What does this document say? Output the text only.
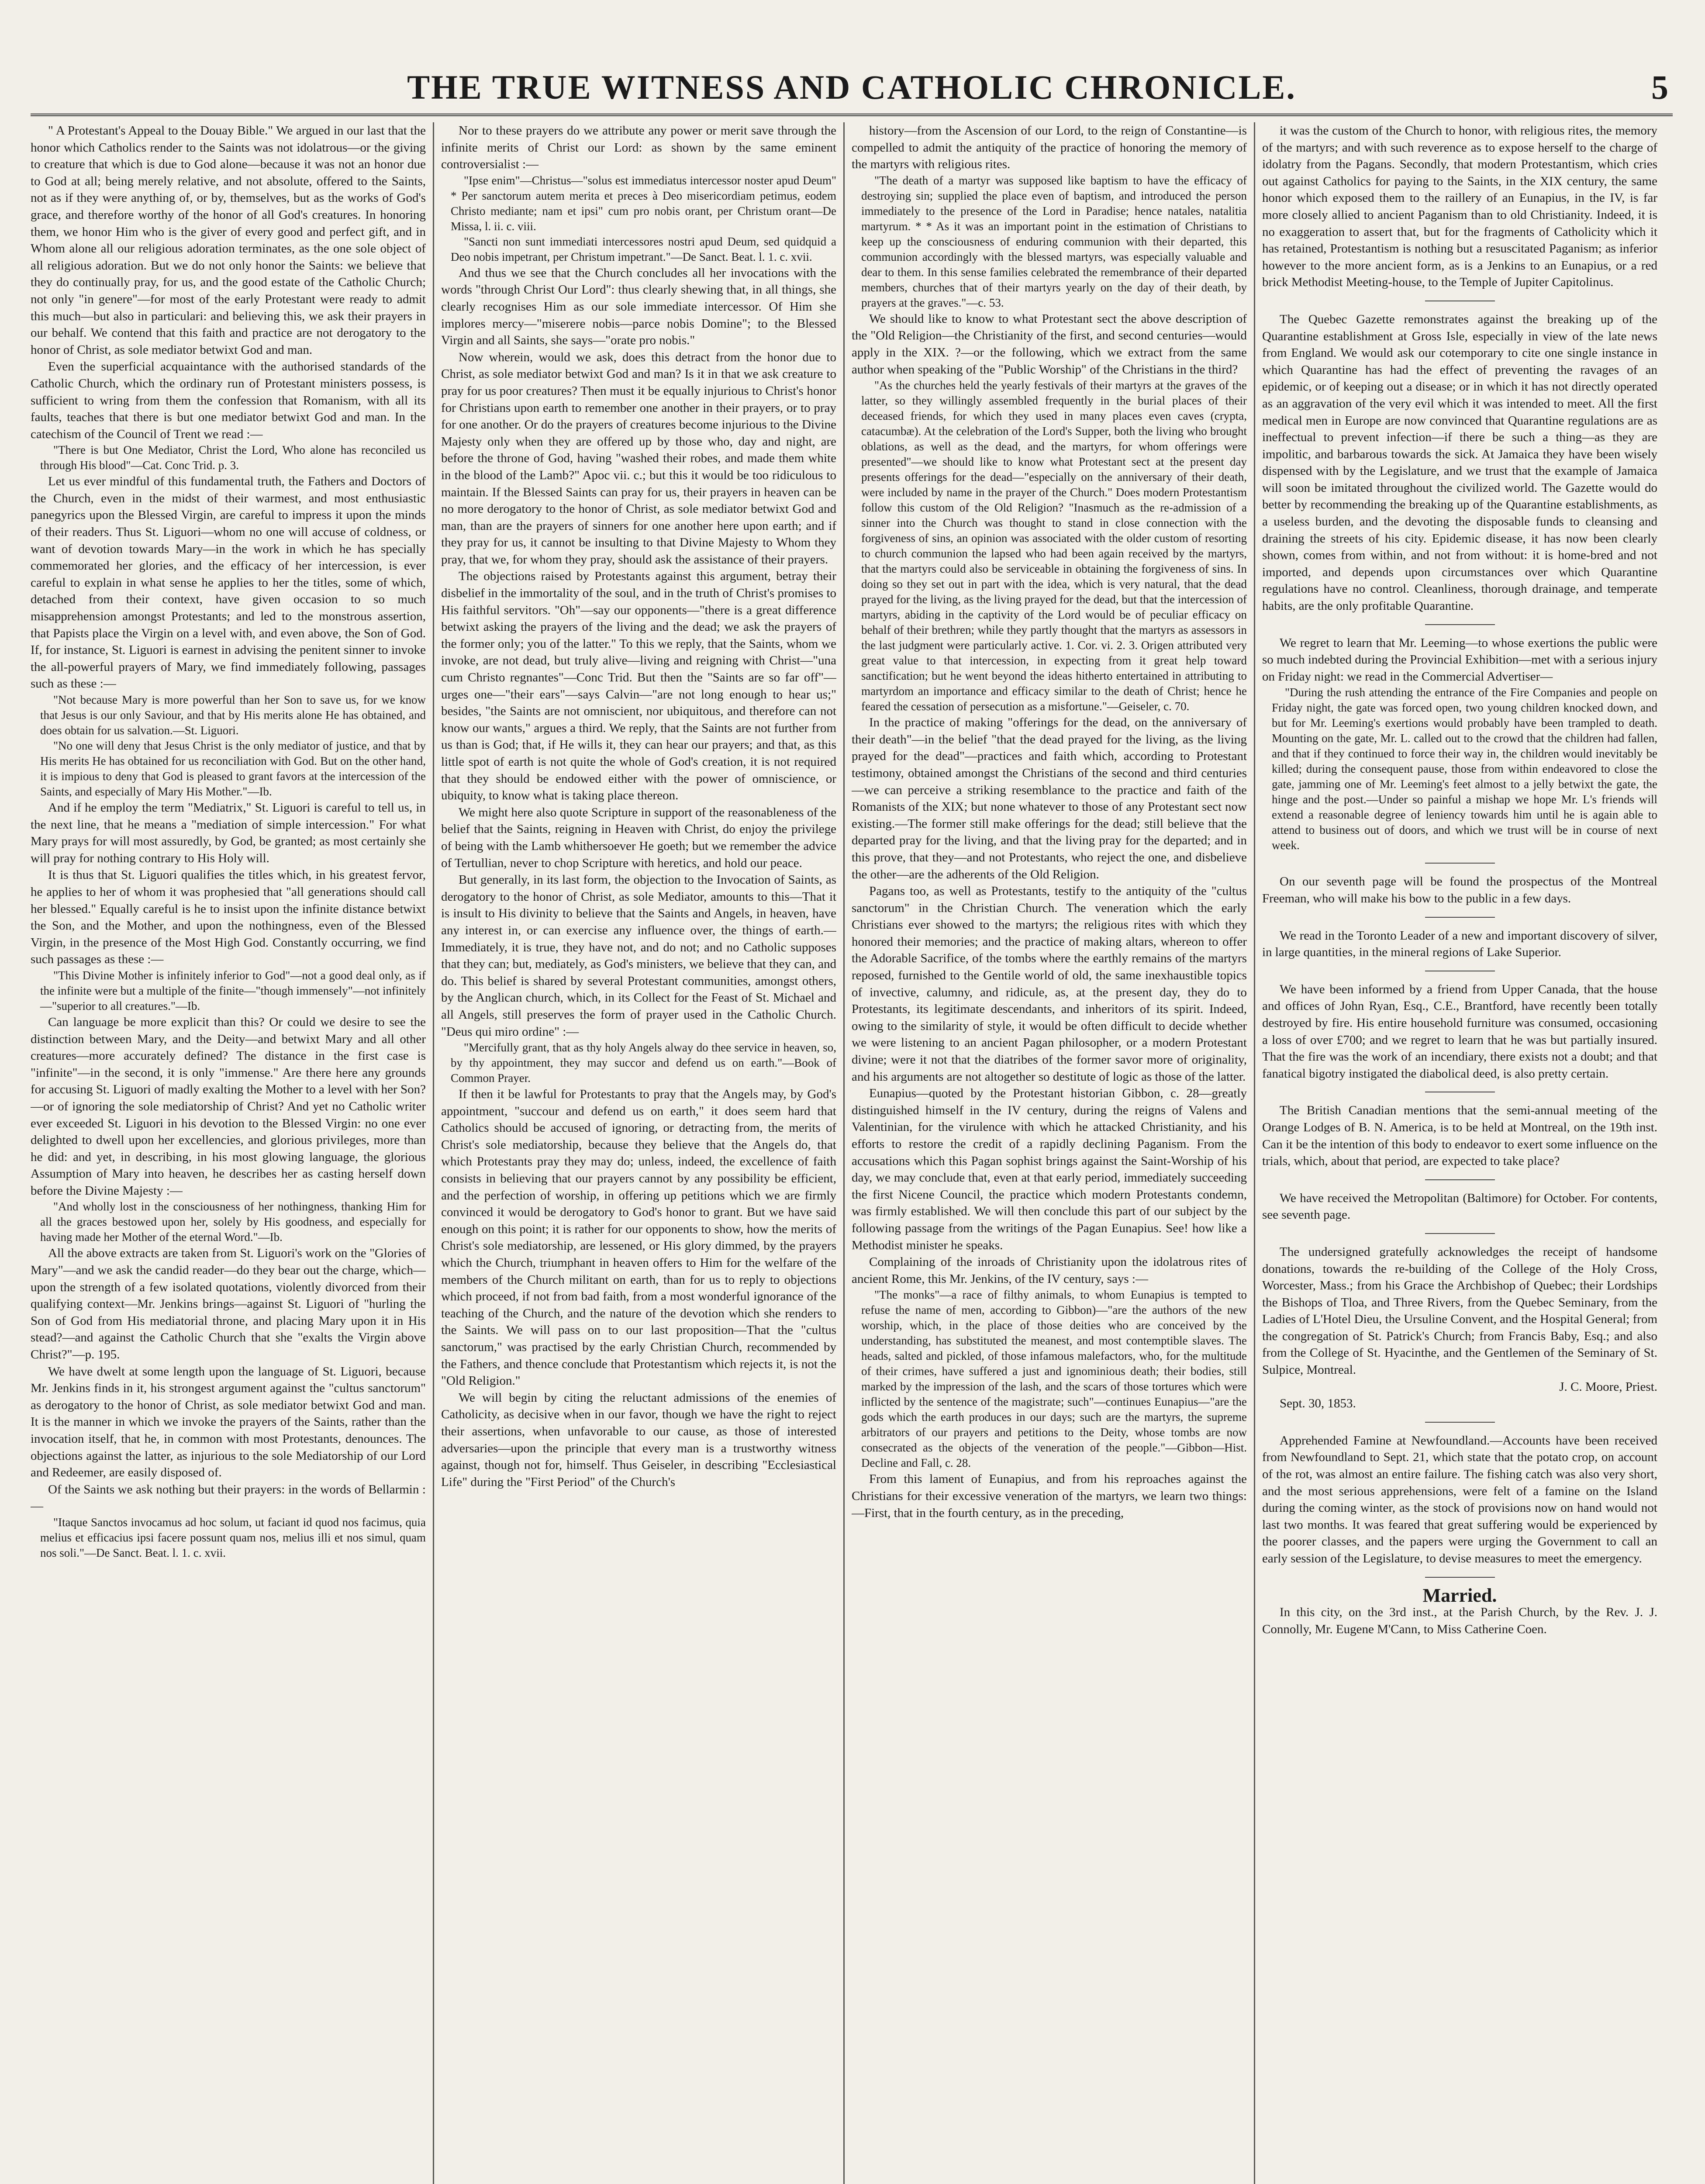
THE TRUE WITNESS AND CATHOLIC CHRONICLE.	5

" A Protestant's Appeal to the Douay Bible." We argued in our last that the honor which Catholics render to the Saints was not idolatrous—or the giving to creature that which is due to God alone—because it was not an honor due to God at all; being merely relative, and not absolute, offered to the Saints, not as if they were anything of, or by, themselves, but as the works of God's grace, and therefore worthy of the honor of all God's creatures. In honoring them, we honor Him who is the giver of every good and perfect gift, and in Whom alone all our religious adoration terminates, as the one sole object of all religious adoration. But we do not only honor the Saints: we believe that they do continually pray, for us, and the good estate of the Catholic Church; not only "in genere"—for most of the early Protestant were ready to admit this much—but also in particulari: and believing this, we ask their prayers in our behalf. We contend that this faith and practice are not derogatory to the honor of Christ, as sole mediator betwixt God and man.

Even the superficial acquaintance with the authorised standards of the Catholic Church, which the ordinary run of Protestant ministers possess, is sufficient to wring from them the confession that Romanism, with all its faults, teaches that there is but one mediator betwixt God and man. In the catechism of the Council of Trent we read :—

"There is but One Mediator, Christ the Lord, Who alone has reconciled us through His blood"—Cat. Conc Trid. p. 3.

Let us ever mindful of this fundamental truth, the Fathers and Doctors of the Church, even in the midst of their warmest, and most enthusiastic panegyrics upon the Blessed Virgin, are careful to impress it upon the minds of their readers. Thus St. Liguori—whom no one will accuse of coldness, or want of devotion towards Mary—in the work in which he has specially commemorated her glories, and the efficacy of her intercession, is ever careful to explain in what sense he applies to her the titles, some of which, detached from their context, have given occasion to so much misapprehension amongst Protestants; and led to the monstrous assertion, that Papists place the Virgin on a level with, and even above, the Son of God. If, for instance, St. Liguori is earnest in advising the penitent sinner to invoke the all-powerful prayers of Mary, we find immediately following, passages such as these :—

"Not because Mary is more powerful than her Son to save us, for we know that Jesus is our only Saviour, and that by His merits alone He has obtained, and does obtain for us salvation.—St. Liguori.

"No one will deny that Jesus Christ is the only mediator of justice, and that by His merits He has obtained for us reconciliation with God. But on the other hand, it is impious to deny that God is pleased to grant favors at the intercession of the Saints, and especially of Mary His Mother."—Ib.

And if he employ the term "Mediatrix," St. Liguori is careful to tell us, in the next line, that he means a "mediation of simple intercession." For what Mary prays for will most assuredly, by God, be granted; as most certainly she will pray for nothing contrary to His Holy will.

It is thus that St. Liguori qualifies the titles which, in his greatest fervor, he applies to her of whom it was prophesied that "all generations should call her blessed." Equally careful is he to insist upon the infinite distance betwixt the Son, and the Mother, and upon the nothingness, even of the Blessed Virgin, in the presence of the Most High God. Constantly occurring, we find such passages as these :—

"This Divine Mother is infinitely inferior to God"—not a good deal only, as if the infinite were but a multiple of the finite—"though immensely"—not infinitely—"superior to all creatures."—Ib.

Can language be more explicit than this? Or could we desire to see the distinction between Mary, and the Deity—and betwixt Mary and all other creatures—more accurately defined? The distance in the first case is "infinite"—in the second, it is only "immense." Are there here any grounds for accusing St. Liguori of madly exalting the Mother to a level with her Son?—or of ignoring the sole mediatorship of Christ? And yet no Catholic writer ever exceeded St. Liguori in his devotion to the Blessed Virgin: no one ever delighted to dwell upon her excellencies, and glorious privileges, more than he did: and yet, in describing, in his most glowing language, the glorious Assumption of Mary into heaven, he describes her as casting herself down before the Divine Majesty :—

"And wholly lost in the consciousness of her nothingness, thanking Him for all the graces bestowed upon her, solely by His goodness, and especially for having made her Mother of the eternal Word."—Ib.

All the above extracts are taken from St. Liguori's work on the "Glories of Mary"—and we ask the candid reader—do they bear out the charge, which—upon the strength of a few isolated quotations, violently divorced from their qualifying context—Mr. Jenkins brings—against St. Liguori of "hurling the Son of God from His mediatorial throne, and placing Mary upon it in His stead?—and against the Catholic Church that she "exalts the Virgin above Christ?"—p. 195.

We have dwelt at some length upon the language of St. Liguori, because Mr. Jenkins finds in it, his strongest argument against the "cultus sanctorum" as derogatory to the honor of Christ, as sole mediator betwixt God and man. It is the manner in which we invoke the prayers of the Saints, rather than the invocation itself, that he, in common with most Protestants, denounces. The objections against the latter, as injurious to the sole Mediatorship of our Lord and Redeemer, are easily disposed of.

Of the Saints we ask nothing but their prayers: in the words of Bellarmin :—

"Itaque Sanctos invocamus ad hoc solum, ut faciant id quod nos facimus, quia melius et efficacius ipsi facere possunt quam nos, melius illi et nos simul, quam nos soli."—De Sanct. Beat. l. 1. c. xvii.

Nor to these prayers do we attribute any power or merit save through the infinite merits of Christ our Lord: as shown by the same eminent controversialist :—

"Ipse enim"—Christus—"solus est immediatus intercessor noster apud Deum" * Per sanctorum autem merita et preces à Deo misericordiam petimus, eodem Christo mediante; nam et ipsi" cum pro nobis orant, per Christum orant—De Missa, l. ii. c. viii.

"Sancti non sunt immediati intercessores nostri apud Deum, sed quidquid a Deo nobis impetrant, per Christum impetrant."—De Sanct. Beat. l. 1. c. xvii.

And thus we see that the Church concludes all her invocations with the words "through Christ Our Lord": thus clearly shewing that, in all things, she clearly recognises Him as our sole immediate intercessor. Of Him she implores mercy—"miserere nobis—parce nobis Domine"; to the Blessed Virgin and all Saints, she says—"orate pro nobis."

Now wherein, would we ask, does this detract from the honor due to Christ, as sole mediator betwixt God and man? Is it in that we ask creature to pray for us poor creatures? Then must it be equally injurious to Christ's honor for Christians upon earth to remember one another in their prayers, or to pray for one another. Or do the prayers of creatures become injurious to the Divine Majesty only when they are offered up by those who, day and night, are before the throne of God, having "washed their robes, and made them white in the blood of the Lamb?" Apoc vii. c.; but this it would be too ridiculous to maintain. If the Blessed Saints can pray for us, their prayers in heaven can be no more derogatory to the honor of Christ, as sole mediator betwixt God and man, than are the prayers of sinners for one another here upon earth; and if they pray for us, it cannot be insulting to that Divine Majesty to Whom they pray, that we, for whom they pray, should ask the assistance of their prayers.

The objections raised by Protestants against this argument, betray their disbelief in the immortality of the soul, and in the truth of Christ's promises to His faithful servitors. "Oh"—say our opponents—"there is a great difference betwixt asking the prayers of the living and the dead; we ask the prayers of the former only; you of the latter." To this we reply, that the Saints, whom we invoke, are not dead, but truly alive—living and reigning with Christ—"una cum Christo regnantes"—Conc Trid. But then the "Saints are so far off"—urges one—"their ears"—says Calvin—"are not long enough to hear us;" besides, "the Saints are not omniscient, nor ubiquitous, and therefore can not know our wants," argues a third. We reply, that the Saints are not further from us than is God; that, if He wills it, they can hear our prayers; and that, as this little spot of earth is not quite the whole of God's creation, it is not required that they should be endowed either with the power of omniscience, or ubiquity, to know what is taking place thereon.

We might here also quote Scripture in support of the reasonableness of the belief that the Saints, reigning in Heaven with Christ, do enjoy the privilege of being with the Lamb whithersoever He goeth; but we remember the advice of Tertullian, never to chop Scripture with heretics, and hold our peace.

But generally, in its last form, the objection to the Invocation of Saints, as derogatory to the honor of Christ, as sole Mediator, amounts to this—That it is insult to His divinity to believe that the Saints and Angels, in heaven, have any interest in, or can exercise any influence over, the things of earth.—Immediately, it is true, they have not, and do not; and no Catholic supposes that they can; but, mediately, as God's ministers, we believe that they can, and do. This belief is shared by several Protestant communities, amongst others, by the Anglican church, which, in its Collect for the Feast of St. Michael and all Angels, still preserves the form of prayer used in the Catholic Church. "Deus qui miro ordine" :—

"Mercifully grant, that as thy holy Angels alway do thee service in heaven, so, by thy appointment, they may succor and defend us on earth."—Book of Common Prayer.

If then it be lawful for Protestants to pray that the Angels may, by God's appointment, "succour and defend us on earth," it does seem hard that Catholics should be accused of ignoring, or detracting from, the merits of Christ's sole mediatorship, because they believe that the Angels do, that which Protestants pray they may do; unless, indeed, the excellence of faith consists in believing that our prayers cannot by any possibility be efficient, and the perfection of worship, in offering up petitions which we are firmly convinced it would be derogatory to God's honor to grant. But we have said enough on this point; it is rather for our opponents to show, how the merits of Christ's sole mediatorship, are lessened, or His glory dimmed, by the prayers which the Church, triumphant in heaven offers to Him for the welfare of the members of the Church militant on earth, than for us to reply to objections which proceed, if not from bad faith, from a most wonderful ignorance of the teaching of the Church, and the nature of the devotion which she renders to the Saints. We will pass on to our last proposition—That the "cultus sanctorum," was practised by the early Christian Church, recommended by the Fathers, and thence conclude that Protestantism which rejects it, is not the "Old Religion."

We will begin by citing the reluctant admissions of the enemies of Catholicity, as decisive when in our favor, though we have the right to reject their assertions, when unfavorable to our cause, as those of interested adversaries—upon the principle that every man is a trustworthy witness against, though not for, himself. Thus Geiseler, in describing "Ecclesiastical Life" during the "First Period" of the Church's

history—from the Ascension of our Lord, to the reign of Constantine—is compelled to admit the antiquity of the practice of honoring the memory of the martyrs with religious rites.

"The death of a martyr was supposed like baptism to have the efficacy of destroying sin; supplied the place even of baptism, and introduced the person immediately to the presence of the Lord in Paradise; hence natales, natalitia martyrum. * * As it was an important point in the estimation of Christians to keep up the consciousness of enduring communion with their departed, this communion accordingly with the blessed martyrs, was especially valuable and dear to them. In this sense families celebrated the remembrance of their departed members, churches that of their martyrs yearly on the day of their death, by prayers at the graves."—c. 53.

We should like to know to what Protestant sect the above description of the "Old Religion—the Christianity of the first, and second centuries—would apply in the XIX. ?—or the following, which we extract from the same author when speaking of the "Public Worship" of the Christians in the third?

"As the churches held the yearly festivals of their martyrs at the graves of the latter, so they willingly assembled frequently in the burial places of their deceased friends, for which they used in many places even caves (crypta, catacumbæ). At the celebration of the Lord's Supper, both the living who brought oblations, as well as the dead, and the martyrs, for whom offerings were presented"—we should like to know what Protestant sect at the present day presents offerings for the dead—"especially on the anniversary of their death, were included by name in the prayer of the Church." Does modern Protestantism follow this custom of the Old Religion? "Inasmuch as the re-admission of a sinner into the Church was thought to stand in close connection with the forgiveness of sins, an opinion was associated with the older custom of resorting to church communion the lapsed who had been again received by the martyrs, that the martyrs could also be serviceable in obtaining the forgiveness of sins. In doing so they set out in part with the idea, which is very natural, that the dead prayed for the living, as the living prayed for the dead, but that the intercession of martyrs, abiding in the captivity of the Lord would be of peculiar efficacy on behalf of their brethren; while they partly thought that the martyrs as assessors in the last judgment were particularly active. 1. Cor. vi. 2. 3. Origen attributed very great value to that intercession, in expecting from it great help toward sanctification; but he went beyond the ideas hitherto entertained in attributing to martyrdom an importance and efficacy similar to the death of Christ; hence he feared the cessation of persecution as a misfortune."—Geiseler, c. 70.

In the practice of making "offerings for the dead, on the anniversary of their death"—in the belief "that the dead prayed for the living, as the living prayed for the dead"—practices and faith which, according to Protestant testimony, obtained amongst the Christians of the second and third centuries—we can perceive a striking resemblance to the practice and faith of the Romanists of the XIX; but none whatever to those of any Protestant sect now existing.—The former still make offerings for the dead; still believe that the departed pray for the living, and that the living pray for the departed; and in this prove, that they—and not Protestants, who reject the one, and disbelieve the other—are the adherents of the Old Religion.

Pagans too, as well as Protestants, testify to the antiquity of the "cultus sanctorum" in the Christian Church. The veneration which the early Christians ever showed to the martyrs; the religious rites with which they honored their memories; and the practice of making altars, whereon to offer the Adorable Sacrifice, of the tombs where the earthly remains of the martyrs reposed, furnished to the Gentile world of old, the same inexhaustible topics of invective, calumny, and ridicule, as, at the present day, they do to Protestants, its legitimate descendants, and inheritors of its spirit. Indeed, owing to the similarity of style, it would be often difficult to decide whether we were listening to an ancient Pagan philosopher, or a modern Protestant divine; were it not that the diatribes of the former savor more of originality, and his arguments are not altogether so destitute of logic as those of the latter.

Eunapius—quoted by the Protestant historian Gibbon, c. 28—greatly distinguished himself in the IV century, during the reigns of Valens and Valentinian, for the virulence with which he attacked Christianity, and his efforts to restore the credit of a rapidly declining Paganism. From the accusations which this Pagan sophist brings against the Saint-Worship of his day, we may conclude that, even at that early period, immediately succeeding the first Nicene Council, the practice which modern Protestants condemn, was firmly established. We will then conclude this part of our subject by the following passage from the writings of the Pagan Eunapius. See! how like a Methodist minister he speaks.

Complaining of the inroads of Christianity upon the idolatrous rites of ancient Rome, this Mr. Jenkins, of the IV century, says :—

"The monks"—a race of filthy animals, to whom Eunapius is tempted to refuse the name of men, according to Gibbon)—"are the authors of the new worship, which, in the place of those deities who are conceived by the understanding, has substituted the meanest, and most contemptible slaves. The heads, salted and pickled, of those infamous malefactors, who, for the multitude of their crimes, have suffered a just and ignominious death; their bodies, still marked by the impression of the lash, and the scars of those tortures which were inflicted by the sentence of the magistrate; such"—continues Eunapius—"are the gods which the earth produces in our days; such are the martyrs, the supreme arbitrators of our prayers and petitions to the Deity, whose tombs are now consecrated as the objects of the veneration of the people."—Gibbon—Hist. Decline and Fall, c. 28.

From this lament of Eunapius, and from his reproaches against the Christians for their excessive veneration of the martyrs, we learn two things:—First, that in the fourth century, as in the preceding,

it was the custom of the Church to honor, with religious rites, the memory of the martyrs; and with such reverence as to expose herself to the charge of idolatry from the Pagans. Secondly, that modern Protestantism, which cries out against Catholics for paying to the Saints, in the XIX century, the same honor which exposed them to the raillery of an Eunapius, in the IV, is far more closely allied to ancient Paganism than to old Christianity. Indeed, it is no exaggeration to assert that, but for the fragments of Catholicity which it has retained, Protestantism is nothing but a resuscitated Paganism; as inferior however to the more ancient form, as is a Jenkins to an Eunapius, or a red brick Methodist Meeting-house, to the Temple of Jupiter Capitolinus.

The Quebec Gazette remonstrates against the breaking up of the Quarantine establishment at Gross Isle, especially in view of the late news from England. We would ask our cotemporary to cite one single instance in which Quarantine has had the effect of preventing the ravages of an epidemic, or of keeping out a disease; or in which it has not directly operated as an aggravation of the very evil which it was intended to meet. All the first medical men in Europe are now convinced that Quarantine regulations are as ineffectual to prevent infection—if there be such a thing—as they are impolitic, and barbarous towards the sick. At Jamaica they have been wisely dispensed with by the Legislature, and we trust that the example of Jamaica will soon be imitated throughout the civilized world. The Gazette would do better by recommending the breaking up of the Quarantine establishments, as a useless burden, and the devoting the disposable funds to cleansing and draining the streets of his city. Epidemic disease, it has now been clearly shown, comes from within, and not from without: it is home-bred and not imported, and depends upon circumstances over which Quarantine regulations have no control. Cleanliness, thorough drainage, and temperate habits, are the only profitable Quarantine.

We regret to learn that Mr. Leeming—to whose exertions the public were so much indebted during the Provincial Exhibition—met with a serious injury on Friday night: we read in the Commercial Advertiser—

"During the rush attending the entrance of the Fire Companies and people on Friday night, the gate was forced open, two young children knocked down, and but for Mr. Leeming's exertions would probably have been trampled to death. Mounting on the gate, Mr. L. called out to the crowd that the children had fallen, and that if they continued to force their way in, the children would inevitably be killed; during the consequent pause, those from within endeavored to close the gate, jamming one of Mr. Leeming's feet almost to a jelly betwixt the gate, the hinge and the post.—Under so painful a mishap we hope Mr. L's friends will extend a reasonable degree of leniency towards him until he is again able to attend to business out of doors, and which we trust will be in course of next week.

On our seventh page will be found the prospectus of the Montreal Freeman, who will make his bow to the public in a few days.

We read in the Toronto Leader of a new and important discovery of silver, in large quantities, in the mineral regions of Lake Superior.

We have been informed by a friend from Upper Canada, that the house and offices of John Ryan, Esq., C.E., Brantford, have recently been totally destroyed by fire. His entire household furniture was consumed, occasioning a loss of over £700; and we regret to learn that he was but partially insured. That the fire was the work of an incendiary, there exists not a doubt; and that fanatical bigotry instigated the diabolical deed, is also pretty certain.

The British Canadian mentions that the semi-annual meeting of the Orange Lodges of B. N. America, is to be held at Montreal, on the 19th inst. Can it be the intention of this body to endeavor to exert some influence on the trials, which, about that period, are expected to take place?

We have received the Metropolitan (Baltimore) for October. For contents, see seventh page.

The undersigned gratefully acknowledges the receipt of handsome donations, towards the re-building of the College of the Holy Cross, Worcester, Mass.; from his Grace the Archbishop of Quebec; their Lordships the Bishops of Tloa, and Three Rivers, from the Quebec Seminary, from the Ladies of L'Hotel Dieu, the Ursuline Convent, and the Hospital General; from the congregation of St. Patrick's Church; from Francis Baby, Esq.; and also from the College of St. Hyacinthe, and the Gentlemen of the Seminary of St. Sulpice, Montreal.

J. C. Moore, Priest.

Sept. 30, 1853.

Apprehended Famine at Newfoundland.—Accounts have been received from Newfoundland to Sept. 21, which state that the potato crop, on account of the rot, was almost an entire failure. The fishing catch was also very short, and the most serious apprehensions, were felt of a famine on the Island during the coming winter, as the stock of provisions now on hand would not last two months. It was feared that great suffering would be experienced by the poorer classes, and the papers were urging the Government to call an early session of the Legislature, to devise measures to meet the emergency.

Married.

In this city, on the 3rd inst., at the Parish Church, by the Rev. J. J. Connolly, Mr. Eugene M'Cann, to Miss Catherine Coen.
